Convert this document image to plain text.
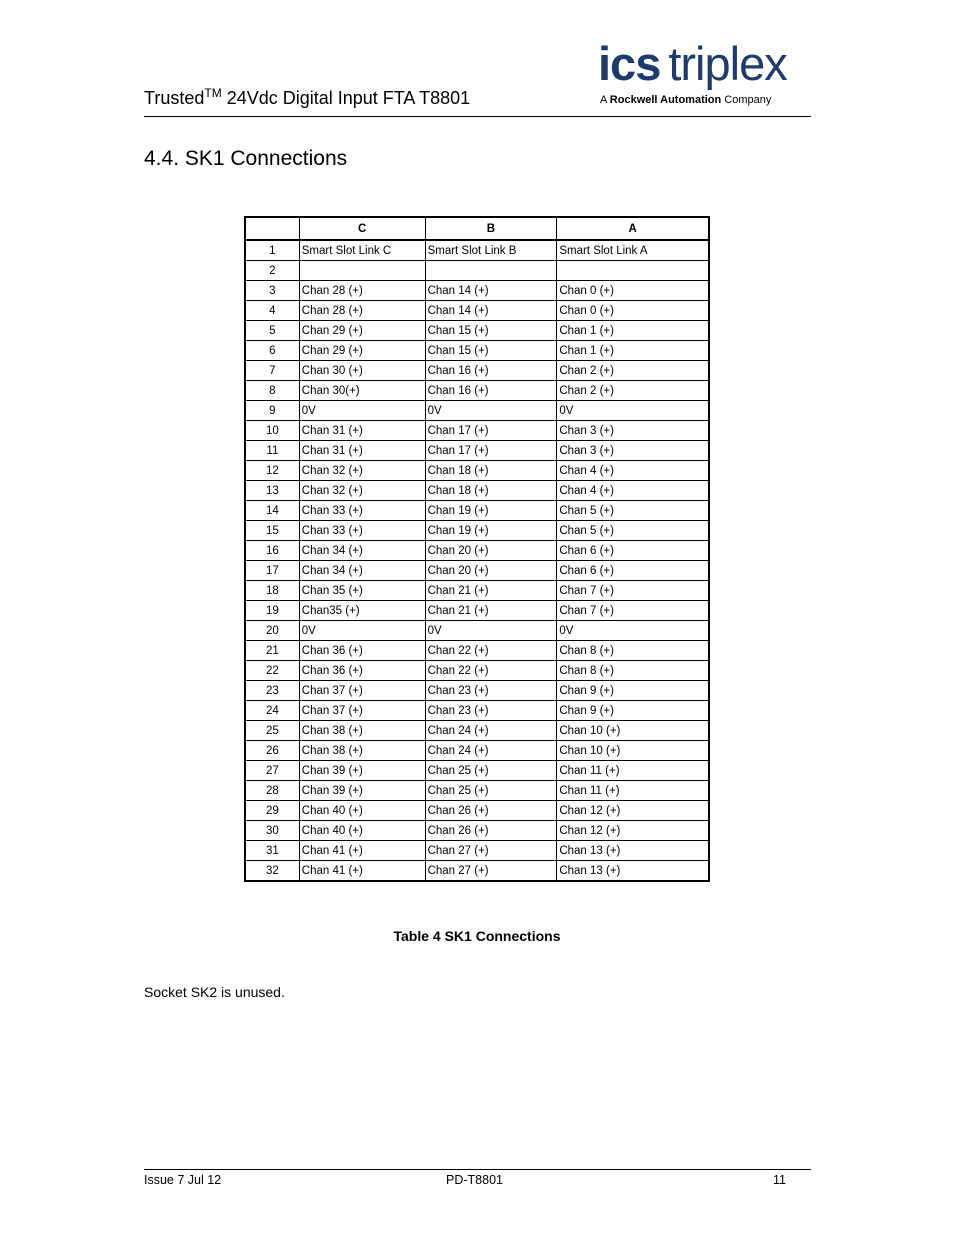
Trusted™ 24Vdc Digital Input FTA T8801
ics triplex
A Rockwell Automation Company
4.4. SK1 Connections
	C	B	A
1	Smart Slot Link C	Smart Slot Link B	Smart Slot Link A
2			
3	Chan 28 (+)	Chan 14 (+)	Chan 0 (+)
4	Chan 28 (+)	Chan 14 (+)	Chan 0 (+)
5	Chan 29 (+)	Chan 15 (+)	Chan 1 (+)
6	Chan 29 (+)	Chan 15 (+)	Chan 1 (+)
7	Chan 30 (+)	Chan 16 (+)	Chan 2 (+)
8	Chan 30(+)	Chan 16 (+)	Chan 2 (+)
9	0V	0V	0V
10	Chan 31 (+)	Chan 17 (+)	Chan 3 (+)
11	Chan 31 (+)	Chan 17 (+)	Chan 3 (+)
12	Chan 32 (+)	Chan 18 (+)	Chan 4 (+)
13	Chan 32 (+)	Chan 18 (+)	Chan 4 (+)
14	Chan 33 (+)	Chan 19 (+)	Chan 5 (+)
15	Chan 33 (+)	Chan 19 (+)	Chan 5 (+)
16	Chan 34 (+)	Chan 20 (+)	Chan 6 (+)
17	Chan 34 (+)	Chan 20 (+)	Chan 6 (+)
18	Chan 35 (+)	Chan 21 (+)	Chan 7 (+)
19	Chan35 (+)	Chan 21 (+)	Chan 7 (+)
20	0V	0V	0V
21	Chan 36 (+)	Chan 22 (+)	Chan 8 (+)
22	Chan 36 (+)	Chan 22 (+)	Chan 8 (+)
23	Chan 37 (+)	Chan 23 (+)	Chan 9 (+)
24	Chan 37 (+)	Chan 23 (+)	Chan 9 (+)
25	Chan 38 (+)	Chan 24 (+)	Chan 10 (+)
26	Chan 38 (+)	Chan 24 (+)	Chan 10 (+)
27	Chan 39 (+)	Chan 25 (+)	Chan 11 (+)
28	Chan 39 (+)	Chan 25 (+)	Chan 11 (+)
29	Chan 40 (+)	Chan 26 (+)	Chan 12 (+)
30	Chan 40 (+)	Chan 26 (+)	Chan 12 (+)
31	Chan 41 (+)	Chan 27 (+)	Chan 13 (+)
32	Chan 41 (+)	Chan 27 (+)	Chan 13 (+)
Table 4 SK1 Connections
Socket SK2 is unused.
Issue 7 Jul 12	PD-T8801	11
